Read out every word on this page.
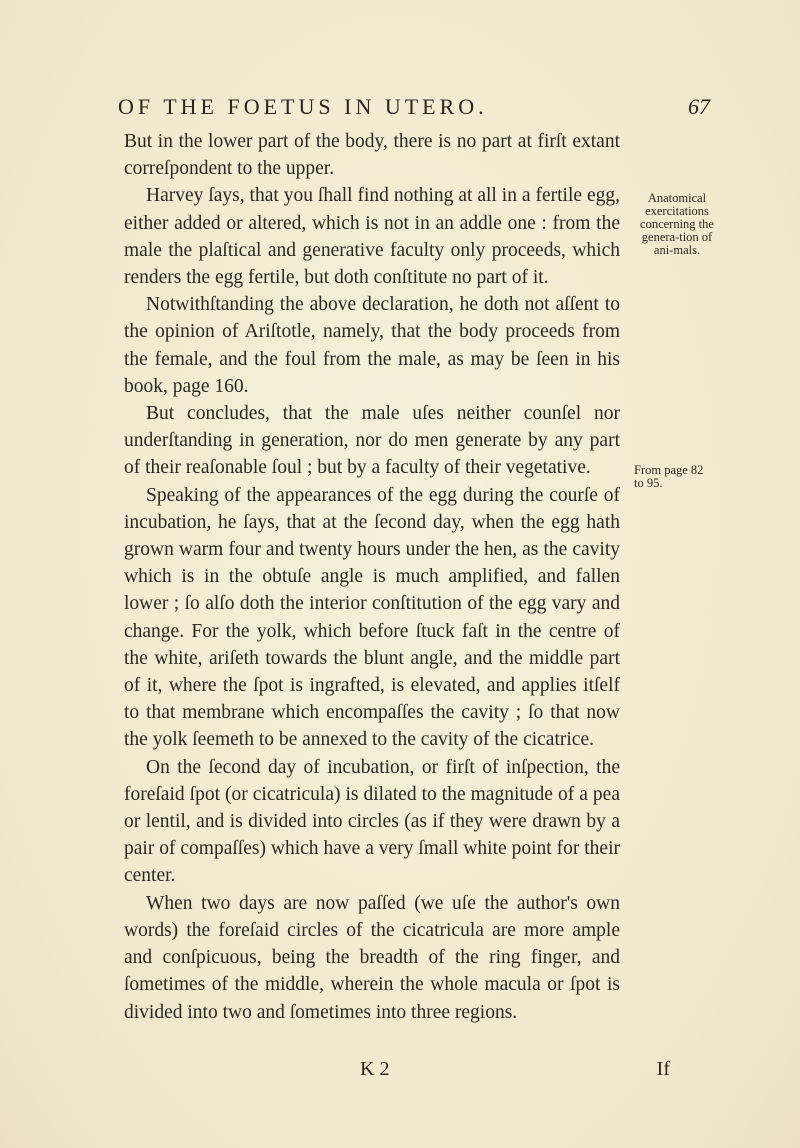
OF THE FOETUS IN UTERO.	67

But in the lower part of the body, there is no part at firſt extant correſpondent to the upper.

Harvey ſays, that you ſhall find nothing at all in a fertile egg, either added or altered, which is not in an addle one : from the male the plaſtical and generative faculty only proceeds, which renders the egg fertile, but doth conſtitute no part of it.

Notwithſtanding the above declaration, he doth not aſſent to the opinion of Ariſtotle, namely, that the body proceeds from the female, and the foul from the male, as may be ſeen in his book, page 160.

But concludes, that the male uſes neither counſel nor underſtanding in generation, nor do men generate by any part of their reaſonable ſoul ; but by a faculty of their vegetative.

Speaking of the appearances of the egg during the courſe of incubation, he ſays, that at the ſecond day, when the egg hath grown warm four and twenty hours under the hen, as the cavity which is in the obtuſe angle is much amplified, and fallen lower ; ſo alſo doth the interior conſtitution of the egg vary and change. For the yolk, which before ſtuck faſt in the centre of the white, ariſeth towards the blunt angle, and the middle part of it, where the ſpot is ingrafted, is elevated, and applies itſelf to that membrane which encompaſſes the cavity ; ſo that now the yolk ſeemeth to be annexed to the cavity of the cicatrice.

On the ſecond day of incubation, or firſt of inſpection, the foreſaid ſpot (or cicatricula) is dilated to the magnitude of a pea or lentil, and is divided into circles (as if they were drawn by a pair of compaſſes) which have a very ſmall white point for their center.

When two days are now paſſed (we uſe the author's own words) the foreſaid circles of the cicatricula are more ample and conſpicuous, being the breadth of the ring finger, and ſometimes of the middle, wherein the whole macula or ſpot is divided into two and ſometimes into three regions.

Anatomical exercitations concerning the genera-tion of ani-mals.
From page 82 to 95.
K 2	If
